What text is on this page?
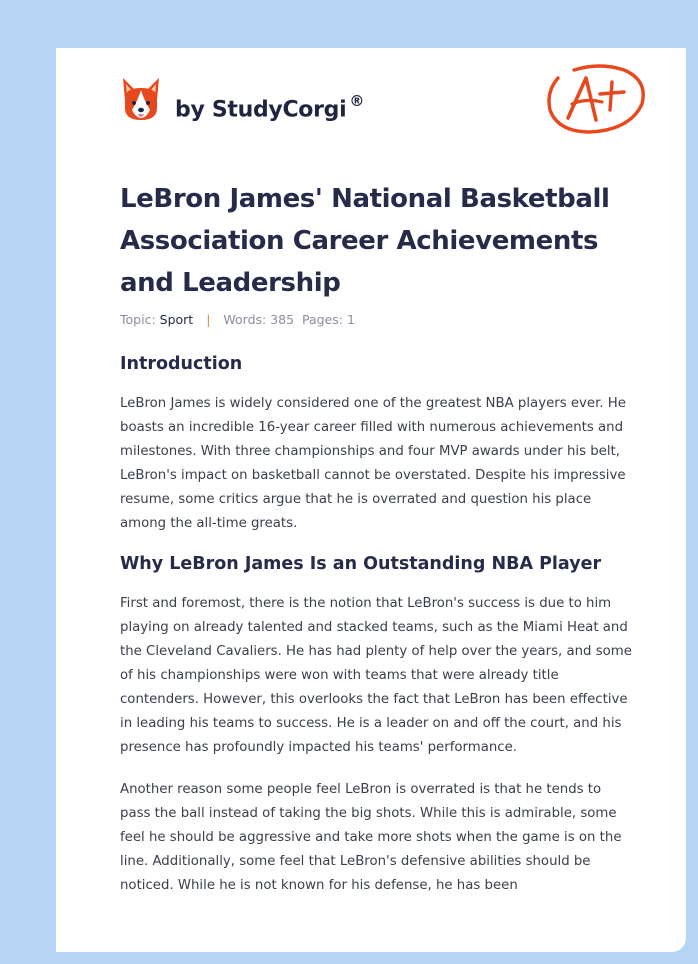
by StudyCorgi ®
LeBron James' National Basketball Association Career Achievements and Leadership
Topic: Sport | Words: 385 Pages: 1
Introduction

LeBron James is widely considered one of the greatest NBA players ever. He boasts an incredible 16-year career filled with numerous achievements and milestones. With three championships and four MVP awards under his belt, LeBron's impact on basketball cannot be overstated. Despite his impressive resume, some critics argue that he is overrated and question his place among the all-time greats.

Why LeBron James Is an Outstanding NBA Player

First and foremost, there is the notion that LeBron's success is due to him playing on already talented and stacked teams, such as the Miami Heat and the Cleveland Cavaliers. He has had plenty of help over the years, and some of his championships were won with teams that were already title contenders. However, this overlooks the fact that LeBron has been effective in leading his teams to success. He is a leader on and off the court, and his presence has profoundly impacted his teams' performance.

Another reason some people feel LeBron is overrated is that he tends to pass the ball instead of taking the big shots. While this is admirable, some feel he should be aggressive and take more shots when the game is on the line. Additionally, some feel that LeBron's defensive abilities should be noticed. While he is not known for his defense, he has been
